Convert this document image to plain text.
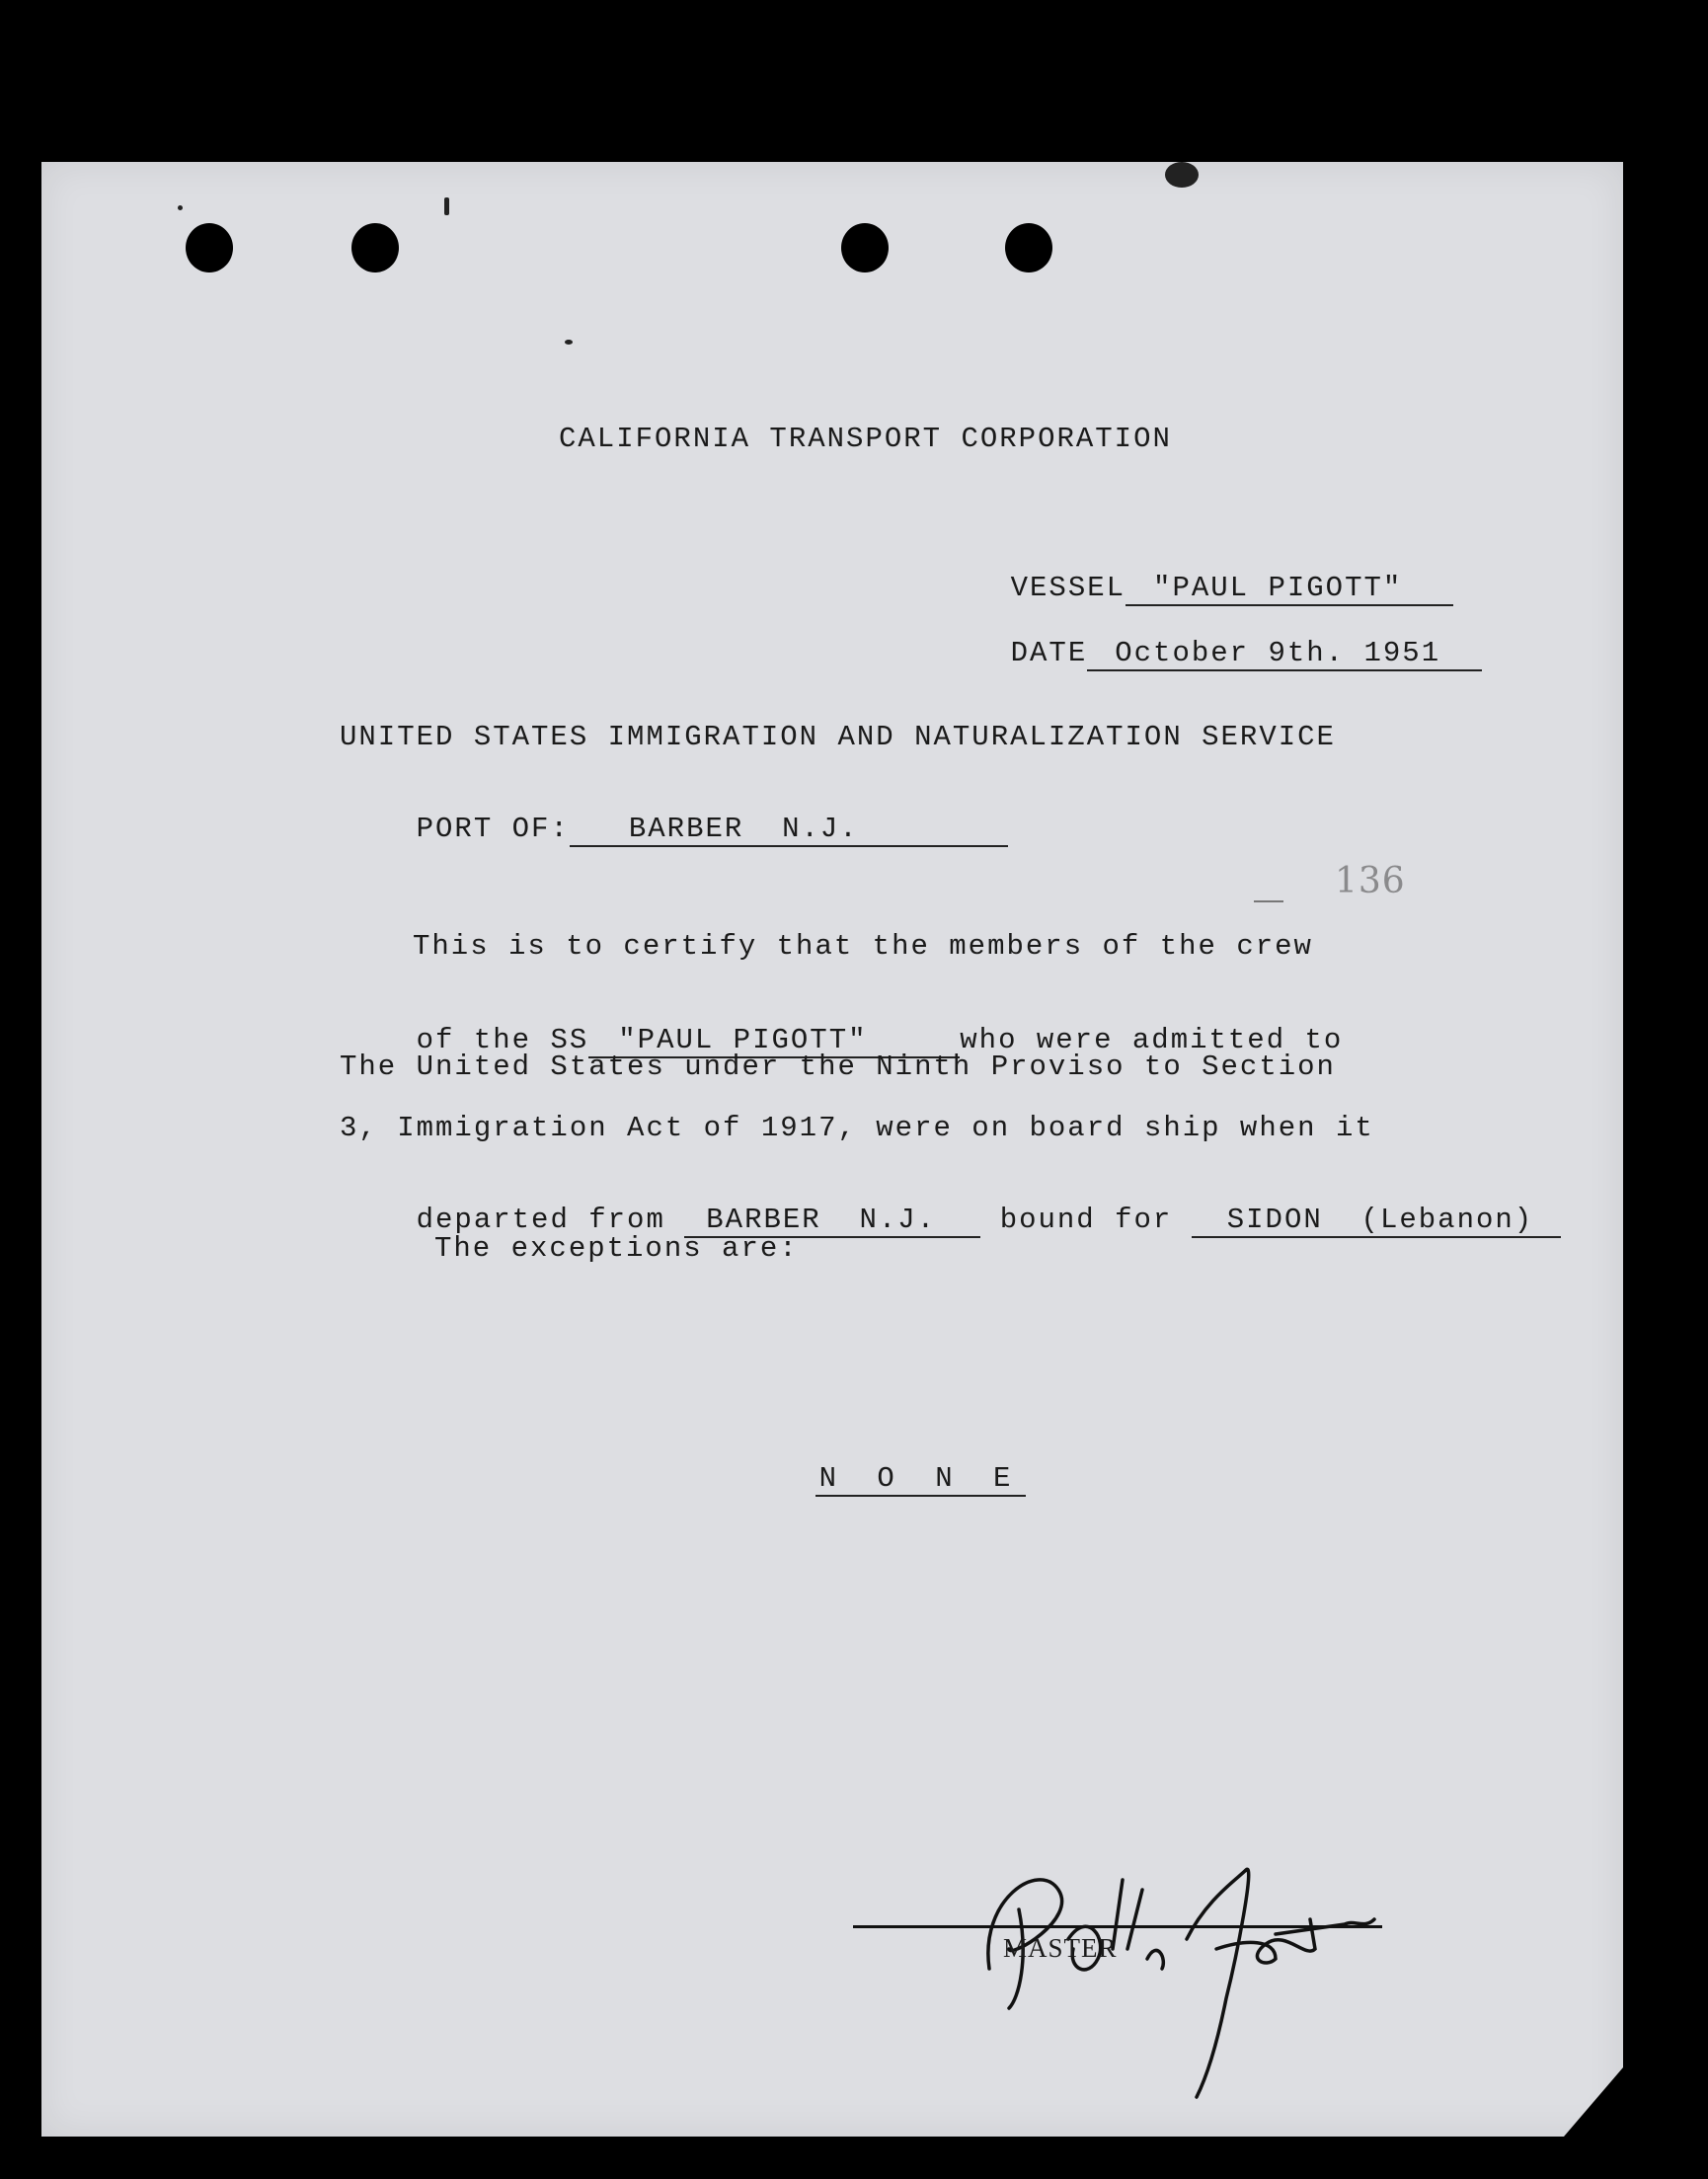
CALIFORNIA TRANSPORT CORPORATION

VESSEL "PAUL PIGOTT"

DATE October 9th. 1951

UNITED STATES IMMIGRATION AND NATURALIZATION SERVICE

PORT OF: BARBER  N.J.

136
This is to certify that the members of the crew

of the SS "PAUL PIGOTT"	who were admitted to

The United States under the Ninth Proviso to Section
3, Immigration Act of 1917, were on board ship when it

departed from BARBER  N.J. bound for SIDON  (Lebanon)

The exceptions are:

N O N E

MASTER
